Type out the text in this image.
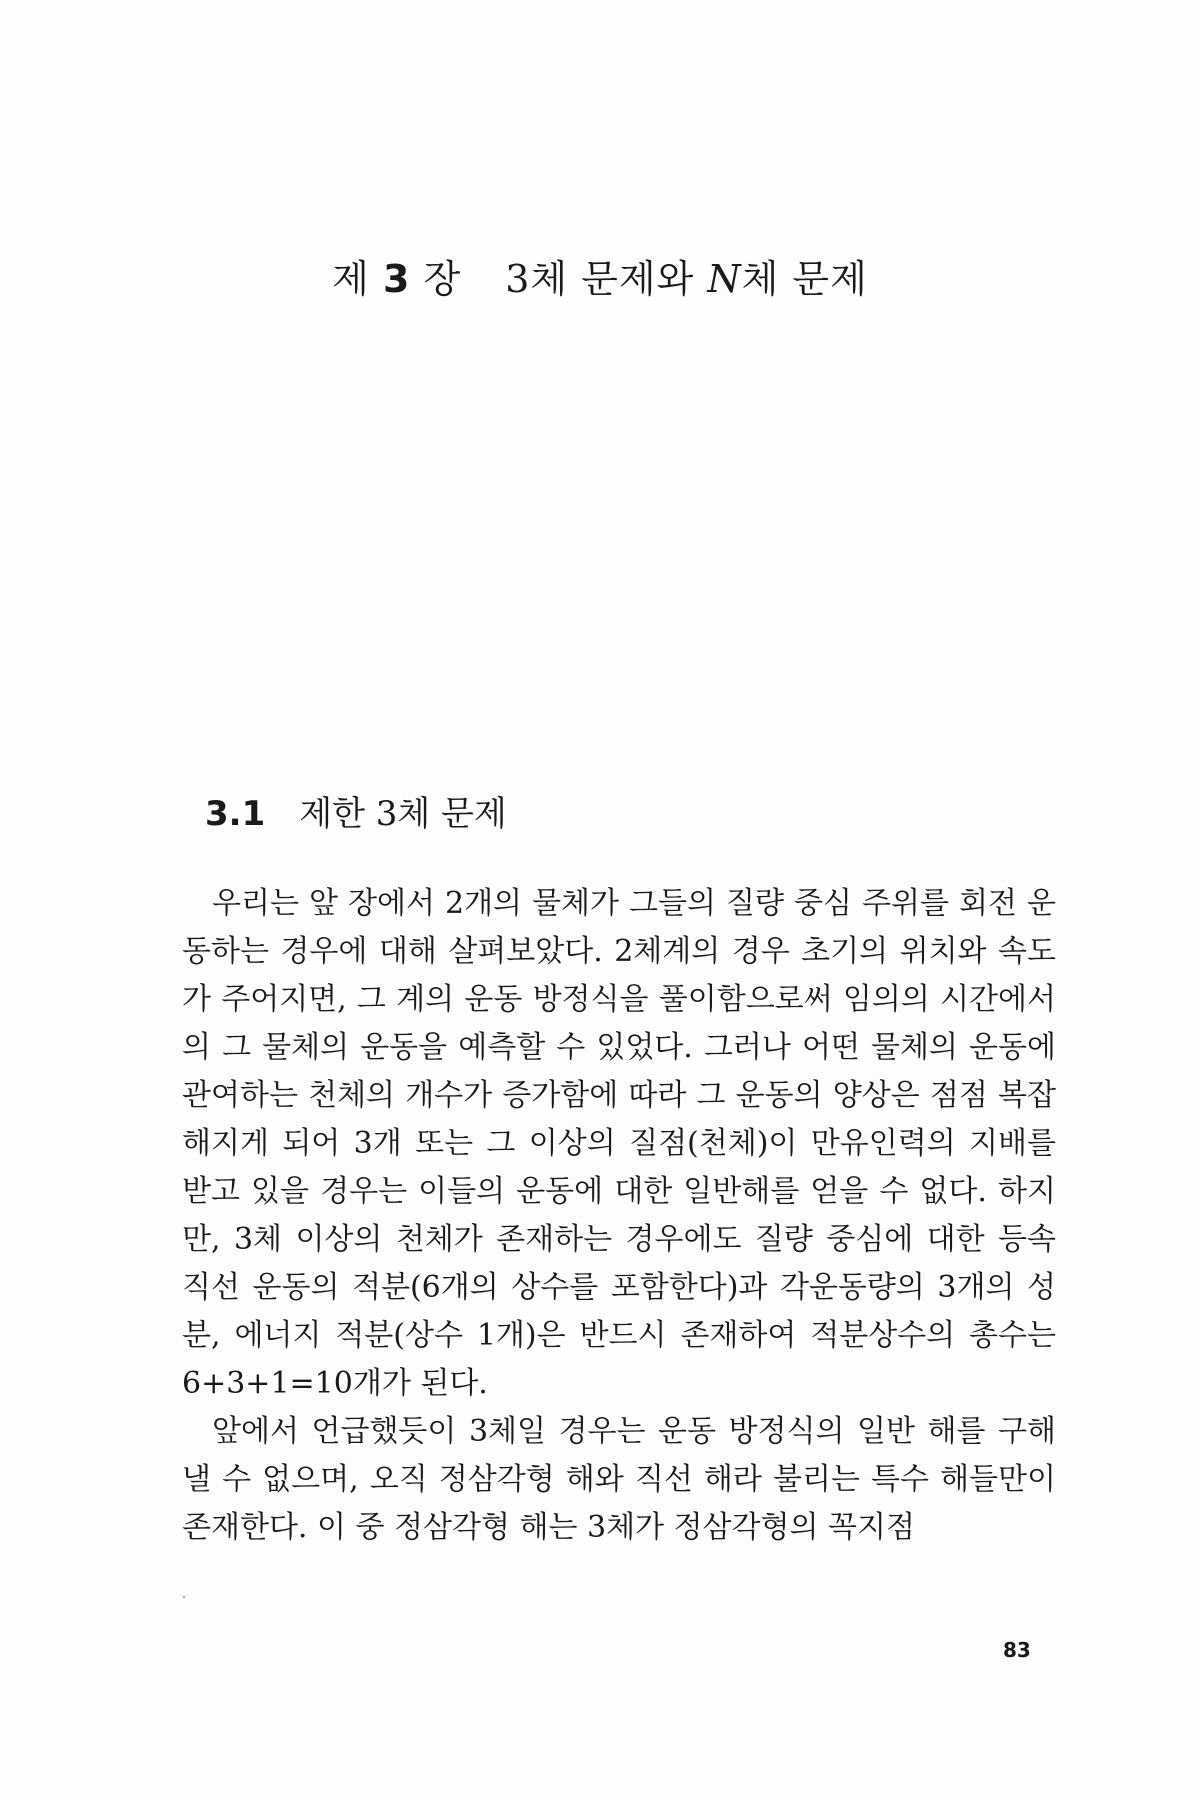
제 3 장 3체 문제와 N체 문제
3.1 제한 3체 문제

우리는 앞 장에서 2개의 물체가 그들의 질량 중심 주위를 회전 운동하는 경우에 대해 살펴보았다. 2체계의 경우 초기의 위치와 속도가 주어지면, 그 계의 운동 방정식을 풀이함으로써 임의의 시간에서의 그 물체의 운동을 예측할 수 있었다. 그러나 어떤 물체의 운동에 관여하는 천체의 개수가 증가함에 따라 그 운동의 양상은 점점 복잡해지게 되어 3개 또는 그 이상의 질점(천체)이 만유인력의 지배를 받고 있을 경우는 이들의 운동에 대한 일반해를 얻을 수 없다. 하지만, 3체 이상의 천체가 존재하는 경우에도 질량 중심에 대한 등속 직선 운동의 적분(6개의 상수를 포함한다)과 각운동량의 3개의 성분, 에너지 적분(상수 1개)은 반드시 존재하여 적분상수의 총수는 6+3+1=10개가 된다.

앞에서 언급했듯이 3체일 경우는 운동 방정식의 일반 해를 구해낼 수 없으며, 오직 정삼각형 해와 직선 해라 불리는 특수 해들만이 존재한다. 이 중 정삼각형 해는 3체가 정삼각형의 꼭지점

83
